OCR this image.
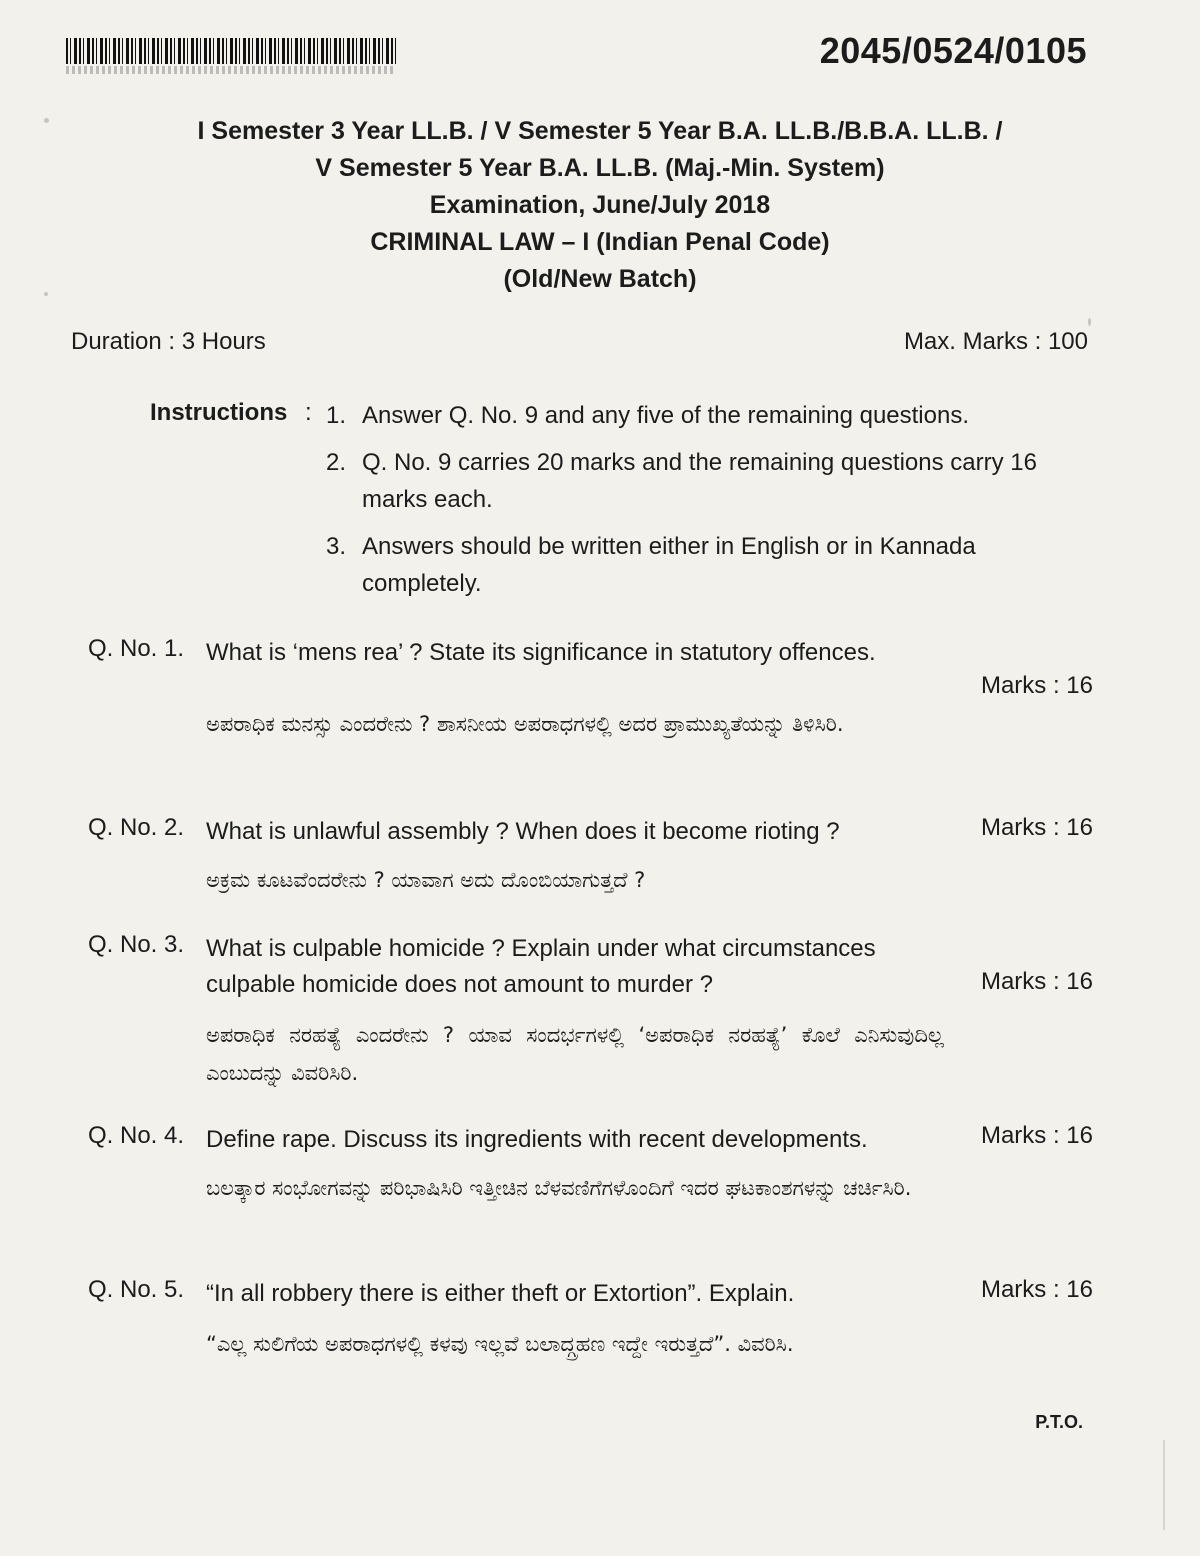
2045/0524/0105
I Semester 3 Year LL.B. / V Semester 5 Year B.A. LL.B./B.B.A. LL.B. /
V Semester 5 Year B.A. LL.B. (Maj.-Min. System)
Examination, June/July 2018
CRIMINAL LAW – I (Indian Penal Code)
(Old/New Batch)
Duration : 3 Hours	Max. Marks : 100
Instructions : 1. Answer Q. No. 9 and any five of the remaining questions.
2. Q. No. 9 carries 20 marks and the remaining questions carry 16 marks each.
3. Answers should be written either in English or in Kannada completely.
Q. No. 1. What is ‘mens rea’ ? State its significance in statutory offences.
Marks : 16
ಅಪರಾಧಿಕ ಮನಸ್ಸು ಎಂದರೇನು ? ಶಾಸನೀಯ ಅಪರಾಧಗಳಲ್ಲಿ ಅದರ ಪ್ರಾಮುಖ್ಯತೆಯನ್ನು ತಿಳಿಸಿರಿ.
Q. No. 2. What is unlawful assembly ? When does it become rioting ?	Marks : 16
ಅಕ್ರಮ ಕೂಟವೆಂದರೇನು ? ಯಾವಾಗ ಅದು ದೊಂಬಿಯಾಗುತ್ತದೆ ?
Q. No. 3. What is culpable homicide ? Explain under what circumstances culpable homicide does not amount to murder ?	Marks : 16
ಅಪರಾಧಿಕ ನರಹತ್ಯೆ ಎಂದರೇನು ? ಯಾವ ಸಂದರ್ಭಗಳಲ್ಲಿ ‘ಅಪರಾಧಿಕ ನರಹತ್ಯೆ’ ಕೊಲೆ ಎನಿಸುವುದಿಲ್ಲ ಎಂಬುದನ್ನು ವಿವರಿಸಿರಿ.
Q. No. 4. Define rape. Discuss its ingredients with recent developments.	Marks : 16
ಬಲತ್ಕಾರ ಸಂಭೋಗವನ್ನು ಪರಿಭಾಷಿಸಿರಿ ಇತ್ತೀಚಿನ ಬೆಳವಣಿಗೆಗಳೊಂದಿಗೆ ಇದರ ಘಟಕಾಂಶಗಳನ್ನು ಚರ್ಚಿಸಿರಿ.
Q. No. 5. “In all robbery there is either theft or Extortion”. Explain.	Marks : 16
“ಎಲ್ಲ ಸುಲಿಗೆಯ ಅಪರಾಧಗಳಲ್ಲಿ ಕಳವು ಇಲ್ಲವೆ ಬಲಾದ್ಗ್ರಹಣ ಇದ್ದೇ ಇರುತ್ತದೆ”. ವಿವರಿಸಿ.
P.T.O.
